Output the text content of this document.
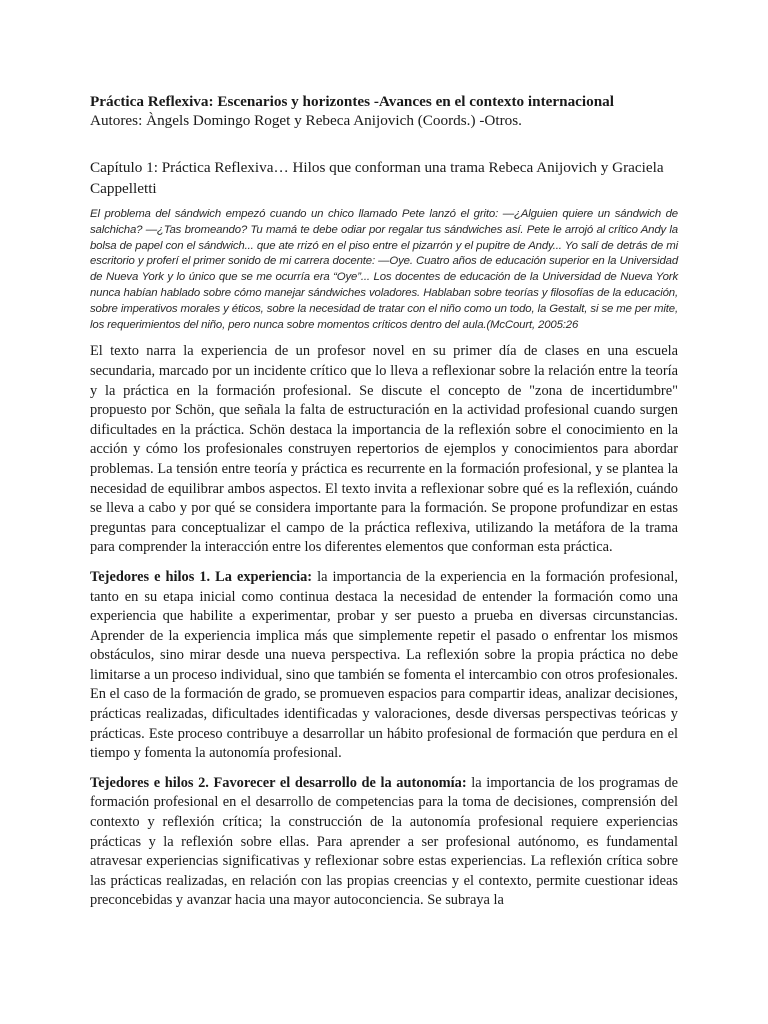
Práctica Reflexiva: Escenarios y horizontes -Avances en el contexto internacional

Autores: Àngels Domingo Roget y Rebeca Anijovich (Coords.) -Otros.

Capítulo 1: Práctica Reflexiva… Hilos que conforman una trama Rebeca Anijovich y Graciela Cappelletti

El problema del sándwich empezó cuando un chico llamado Pete lanzó el grito: —¿Alguien quiere un sándwich de salchicha? —¿Tas bromeando? Tu mamá te debe odiar por regalar tus sándwiches así. Pete le arrojó al crítico Andy la bolsa de papel con el sándwich... que ate rrizó en el piso entre el pizarrón y el pupitre de Andy... Yo salí de detrás de mi escritorio y proferí el primer sonido de mi carrera docente: —Oye. Cuatro años de educación superior en la Universidad de Nueva York y lo único que se me ocurría era “Oye”... Los docentes de educación de la Universidad de Nueva York nunca habían hablado sobre cómo manejar sándwiches voladores. Hablaban sobre teorías y filosofías de la educación, sobre imperativos morales y éticos, sobre la necesidad de tratar con el niño como un todo, la Gestalt, si se me per mite, los requerimientos del niño, pero nunca sobre momentos críticos dentro del aula.(McCourt, 2005:26

El texto narra la experiencia de un profesor novel en su primer día de clases en una escuela secundaria, marcado por un incidente crítico que lo lleva a reflexionar sobre la relación entre la teoría y la práctica en la formación profesional. Se discute el concepto de "zona de incertidumbre" propuesto por Schön, que señala la falta de estructuración en la actividad profesional cuando surgen dificultades en la práctica. Schön destaca la importancia de la reflexión sobre el conocimiento en la acción y cómo los profesionales construyen repertorios de ejemplos y conocimientos para abordar problemas. La tensión entre teoría y práctica es recurrente en la formación profesional, y se plantea la necesidad de equilibrar ambos aspectos. El texto invita a reflexionar sobre qué es la reflexión, cuándo se lleva a cabo y por qué se considera importante para la formación. Se propone profundizar en estas preguntas para conceptualizar el campo de la práctica reflexiva, utilizando la metáfora de la trama para comprender la interacción entre los diferentes elementos que conforman esta práctica.

Tejedores e hilos 1. La experiencia: la importancia de la experiencia en la formación profesional, tanto en su etapa inicial como continua destaca la necesidad de entender la formación como una experiencia que habilite a experimentar, probar y ser puesto a prueba en diversas circunstancias. Aprender de la experiencia implica más que simplemente repetir el pasado o enfrentar los mismos obstáculos, sino mirar desde una nueva perspectiva. La reflexión sobre la propia práctica no debe limitarse a un proceso individual, sino que también se fomenta el intercambio con otros profesionales. En el caso de la formación de grado, se promueven espacios para compartir ideas, analizar decisiones, prácticas realizadas, dificultades identificadas y valoraciones, desde diversas perspectivas teóricas y prácticas. Este proceso contribuye a desarrollar un hábito profesional de formación que perdura en el tiempo y fomenta la autonomía profesional.

Tejedores e hilos 2. Favorecer el desarrollo de la autonomía: la importancia de los programas de formación profesional en el desarrollo de competencias para la toma de decisiones, comprensión del contexto y reflexión crítica; la construcción de la autonomía profesional requiere experiencias prácticas y la reflexión sobre ellas. Para aprender a ser profesional autónomo, es fundamental atravesar experiencias significativas y reflexionar sobre estas experiencias. La reflexión crítica sobre las prácticas realizadas, en relación con las propias creencias y el contexto, permite cuestionar ideas preconcebidas y avanzar hacia una mayor autoconciencia. Se subraya la
